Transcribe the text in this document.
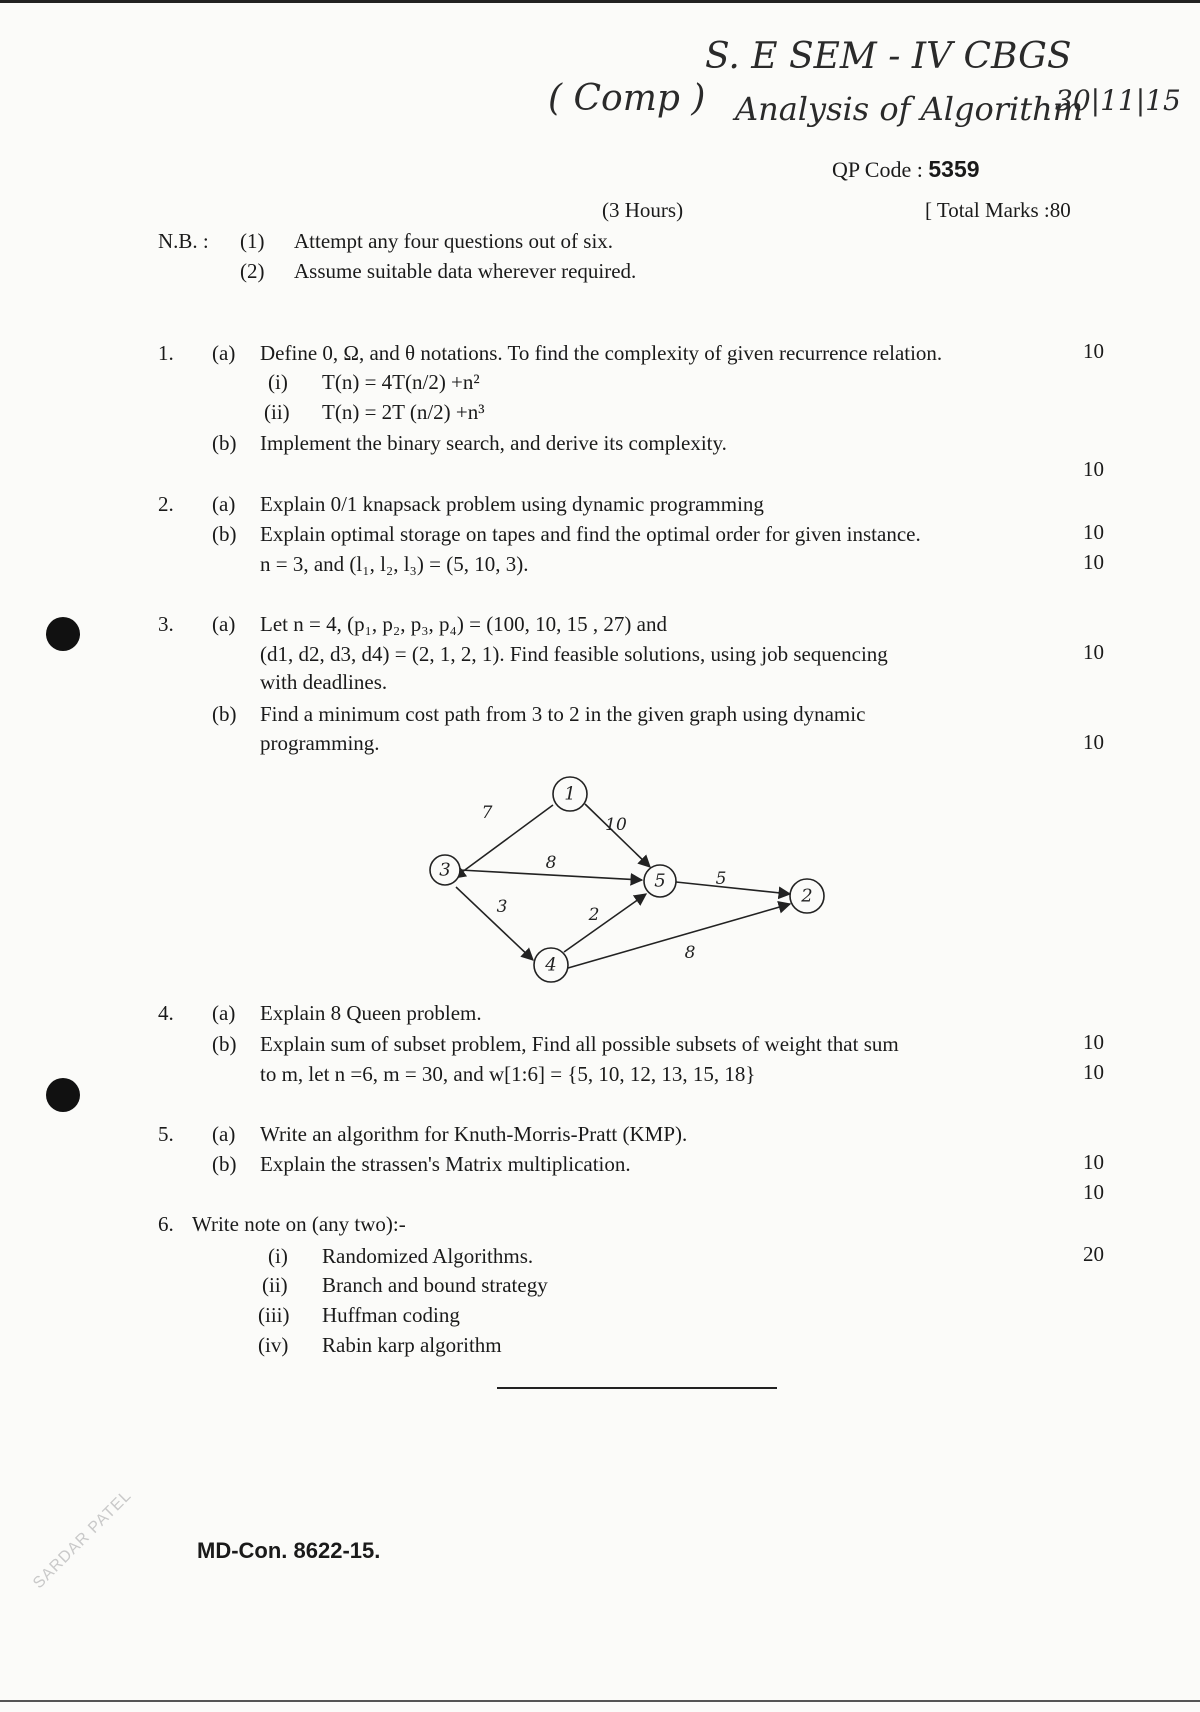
S. E SEM - IV CBGS
( Comp ) Analysis of Algorithm
30|11|15
QP Code : 5359
(3 Hours)	[ Total Marks :80
N.B. : (1) Attempt any four questions out of six.
(2) Assume suitable data wherever required.
1. (a) Define 0, Ω, and θ notations. To find the complexity of given recurrence relation.	10
(i) T(n) = 4T(n/2) +n²
(ii) T(n) = 2T (n/2) +n³
(b) Implement the binary search, and derive its complexity.
10
2. (a) Explain 0/1 knapsack problem using dynamic programming
(b) Explain optimal storage on tapes and find the optimal order for given instance.	10
n = 3, and (l₁, l₂, l₃) = (5, 10, 3).	10
3. (a) Let n = 4, (p₁, p₂, p₃, p₄) = (100, 10, 15 , 27) and
(d1, d2, d3, d4) = (2, 1, 2, 1). Find feasible solutions, using job sequencing	10
with deadlines.
(b) Find a minimum cost path from 3 to 2 in the given graph using dynamic
programming.	10
1
3
5
2
4
7
10
8
3	2
5
8
4. (a) Explain 8 Queen problem.
(b) Explain sum of subset problem, Find all possible subsets of weight that sum	10
to m, let n =6, m = 30, and w[1:6] = {5, 10, 12, 13, 15, 18}	10
5. (a) Write an algorithm for Knuth-Morris-Pratt (KMP).
(b) Explain the strassen's Matrix multiplication.	10
10
6. Write note on (any two):-
20
(i) Randomized Algorithms.
(ii) Branch and bound strategy
(iii) Huffman coding
(iv) Rabin karp algorithm
MD-Con. 8622-15.
SARDAR PATEL
